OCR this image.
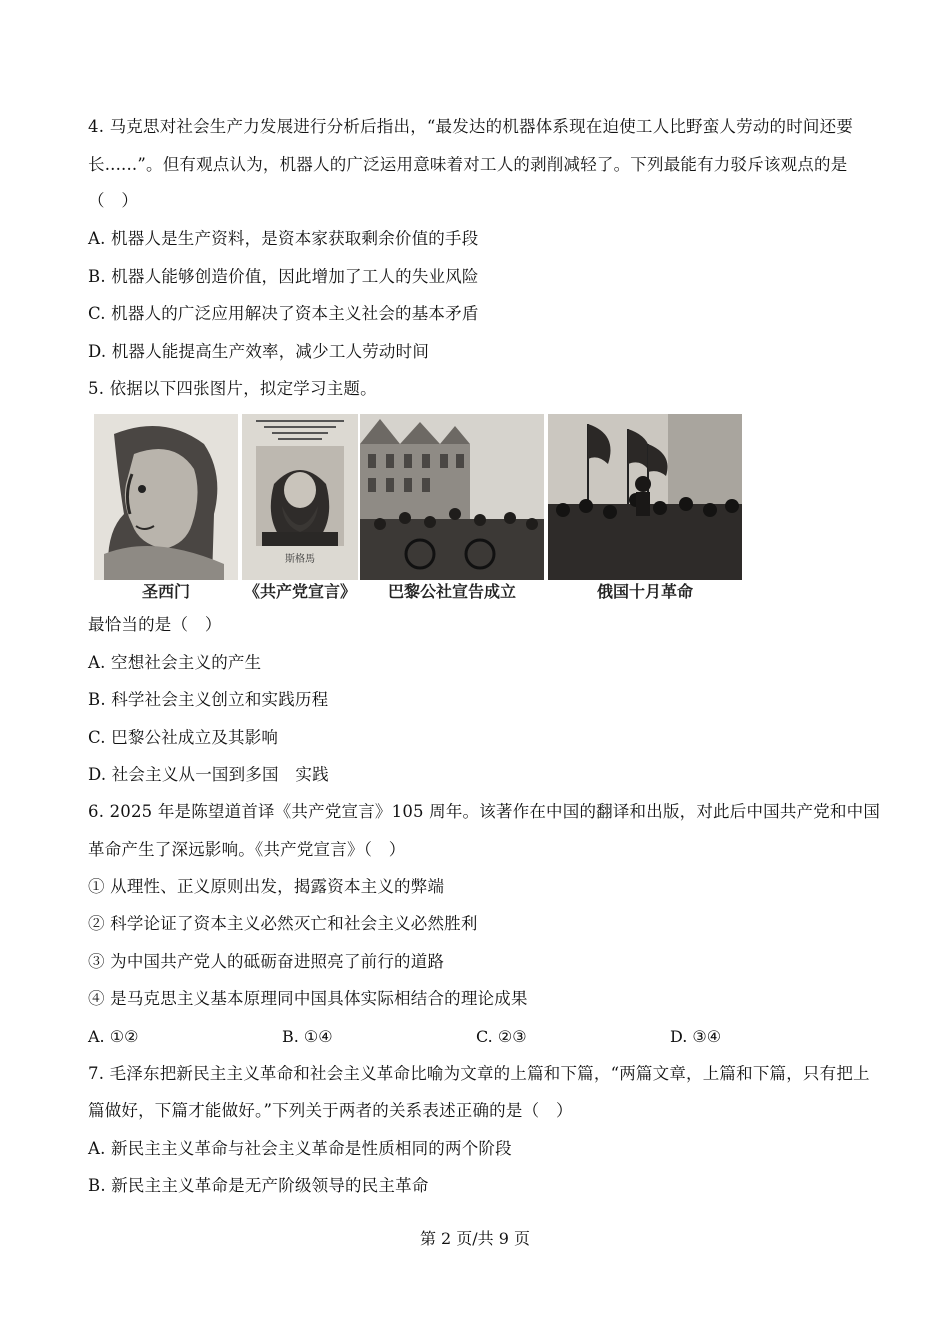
4. 马克思对社会生产力发展进行分析后指出，“最发达的机器体系现在迫使工人比野蛮人劳动的时间还要
长......”。但有观点认为，机器人的广泛运用意味着对工人的剥削减轻了。下列最能有力驳斥该观点的是
（　）
A. 机器人是生产资料，是资本家获取剩余价值的手段
B. 机器人能够创造价值，因此增加了工人的失业风险
C. 机器人的广泛应用解决了资本主义社会的基本矛盾
D. 机器人能提高生产效率，减少工人劳动时间
5. 依据以下四张图片，拟定学习主题。
斯格馬
圣西门	《共产党宣言》	巴黎公社宣告成立	俄国十月革命
最恰当的是（　）
A. 空想社会主义的产生
B. 科学社会主义创立和实践历程
C. 巴黎公社成立及其影响
D. 社会主义从一国到多国　实践
6. 2025 年是陈望道首译《共产党宣言》105 周年。该著作在中国的翻译和出版，对此后中国共产党和中国
革命产生了深远影响。《共产党宣言》（　）
① 从理性、正义原则出发，揭露资本主义的弊端
② 科学论证了资本主义必然灭亡和社会主义必然胜利
③ 为中国共产党人的砥砺奋进照亮了前行的道路
④ 是马克思主义基本原理同中国具体实际相结合的理论成果
A. ①②	B. ①④	C. ②③	D. ③④
7. 毛泽东把新民主主义革命和社会主义革命比喻为文章的上篇和下篇，“两篇文章，上篇和下篇，只有把上
篇做好，下篇才能做好。”下列关于两者的关系表述正确的是（　）
A. 新民主主义革命与社会主义革命是性质相同的两个阶段
B. 新民主主义革命是无产阶级领导的民主革命
第 2 页/共 9 页
